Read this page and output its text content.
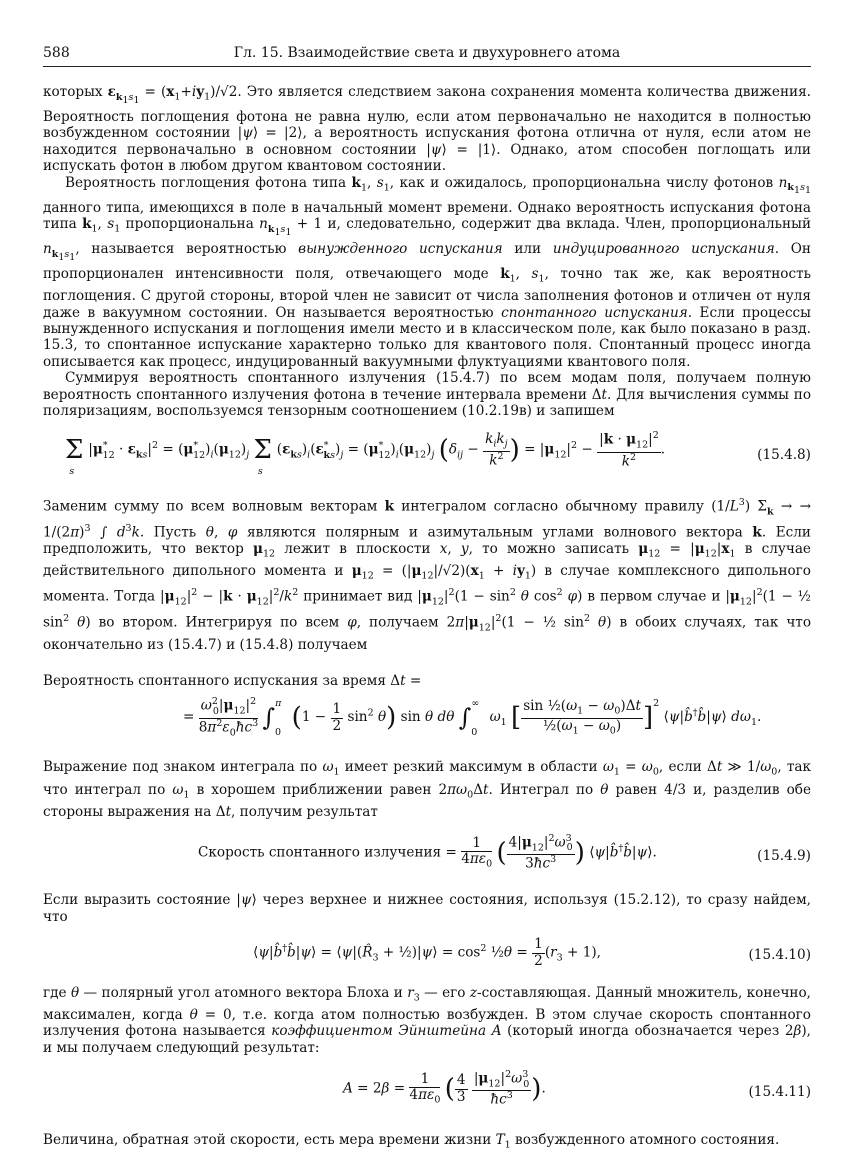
588	Гл. 15. Взаимодействие света и двухуровнего атома

которых $\varepsilon_{k_1s_1} = (x_1+iy_1)/√2$. Это является следствием закона сохранения момента количества движения. Вероятность поглощения фотона не равна нулю, если атом первоначально не находится в полностью возбужденном состоянии |ψ⟩ = |2⟩, а вероятность испускания фотона отлична от нуля, если атом не находится первоначально в основном состоянии |ψ⟩ = |1⟩. Однако, атом способен поглощать или испускать фотон в любом другом квантовом состоянии.

Вероятность поглощения фотона типа $k_1$, $s_1$, как и ожидалось, пропорциональна числу фотонов $n_{k_1s_1}$ данного типа, имеющихся в поле в начальный момент времени. Однако вероятность испускания фотона типа $k_1$, $s_1$ пропорциональна $n_{k_1s_1} + 1$ и, следовательно, содержит два вклада. Член, пропорциональный $n_{k_1s_1}$, называется вероятностью вынужденного испускания или индуцированного испускания. Он пропорционален интенсивности поля, отвечающего моде $k_1$, $s_1$, точно так же, как вероятность поглощения. С другой стороны, второй член не зависит от числа заполнения фотонов и отличен от нуля даже в вакуумном состоянии. Он называется вероятностью спонтанного испускания. Если процессы вынужденного испускания и поглощения имели место и в классическом поле, как было показано в разд. 15.3, то спонтанное испускание характерно только для квантового поля. Спонтанный процесс иногда описывается как процесс, индуцированный вакуумными флуктуациями квантового поля.

Суммируя вероятность спонтанного излучения (15.4.7) по всем модам поля, получаем полную вероятность спонтанного излучения фотона в течение интервала времени Δt. Для вычисления суммы по поляризациям, воспользуемся тензорным соотношением (10.2.19в) и запишем

$\Sigma_s|\mu^*_{12} \cdot \varepsilon_{ks}|^2 = (\mu^*_{12})_i(\mu_{12})_j$ $\Sigma_s(\varepsilon_{ks})_i(\varepsilon^*_{ks})_j = (\mu^*_{12})_i(\mu_{12})_j$ ($\delta_{ij} - \frac{k_ik_j}{k^2}$ ) = $|\mu_{12}|^2 - \frac{|k \cdot \mu_{12}|^2}{k^2}$ .	(15.4.8)

Заменим сумму по всем волновым векторам k интегралом согласно обычному правилу $(1/L^3) \Sigma_k$ → → $1/(2\pi)^3$ ∫ $d^3k$. Пусть θ, φ являются полярным и азимутальным углами волнового вектора k. Если предположить, что вектор $\mu_{12}$ лежит в плоскости x, y, то можно записать $\mu_{12} = |\mu_{12}|x_1$ в случае действительного дипольного момента и $\mu_{12} = (|\mu_{12}|/√2)(x_1 + iy_1)$ в случае комплексного дипольного момента. Тогда $|\mu_{12}|^2 - |k \cdot \mu_{12}|^2/k^2$ принимает вид $|\mu_{12}|^2(1 - \sin^2 \theta$ $\cos^2 \varphi$) в первом случае и $|\mu_{12}|^2(1$ − ½ $\sin^2 \theta$) во втором. Интегрируя по всем φ, получаем $2\pi|\mu_{12}|^2(1$ − ½ $\sin^2 \theta$) в обоих случаях, так что окончательно из (15.4.7) и (15.4.8) получаем

Вероятность спонтанного испускания за время Δt =

= $\frac{\omega^2_0|\mu_{12}|^2}{8\pi^2\varepsilon_0ħc^3} \int_0^\pi$ $(1 - \frac{1}{2} \sin^2 \theta)$ sin θ dθ $\int_0^\infty$ $\omega_1$ [ $\frac{\sin \frac{1}{2}(\omega_1 - \omega_0)\Delta t}{\frac{1}{2}(\omega_1 - \omega_0)} ]^2$ ⟨ψ|b̂†b̂|ψ⟩ $d\omega_1$.

Выражение под знаком интеграла по $\omega_1$ имеет резкий максимум в области $\omega_1 = \omega_0$, если Δt ≫ $1/\omega_0$, так что интеграл по $\omega_1$ в хорошем приближении равен $2\pi\omega_0\Delta t$. Интеграл по θ равен 4/3 и, разделив обе стороны выражения на Δt, получим результат

Скорость спонтанного излучения = $\frac{1}{4\pi\varepsilon_0}$ ( $\frac{4|\mu_{12}|^2\omega^3_0}{3ħc^3}$ ) ⟨ψ|b̂†b̂|ψ⟩.	(15.4.9)

Если выразить состояние |ψ⟩ через верхнее и нижнее состояния, используя (15.2.12), то сразу найдем, что

⟨ψ|b̂†b̂|ψ⟩ = $⟨\psi|(R̂_3$ + ½)|ψ⟩ = $\cos^2$ ½θ = $\frac{1}{2} (r_3 + 1)$,	(15.4.10)

где θ — полярный угол атомного вектора Блоха и $r_3$ — его z-составляющая. Данный множитель, конечно, максимален, когда θ = 0, т.е. когда атом полностью возбужден. В этом случае скорость спонтанного излучения фотона называется коэффициентом Эйнштейна A (который иногда обозначается через 2β), и мы получаем следующий результат:

$A = 2\beta = \frac{1}{4\pi\varepsilon_0}$ ( $\frac{4}{3}$
$\frac{|\mu_{12}|^2\omega^3_0}{ħc^3}$ ).	(15.4.11)

Величина, обратная этой скорости, есть мера времени жизни $T_1$ возбужденного атомного состояния.
